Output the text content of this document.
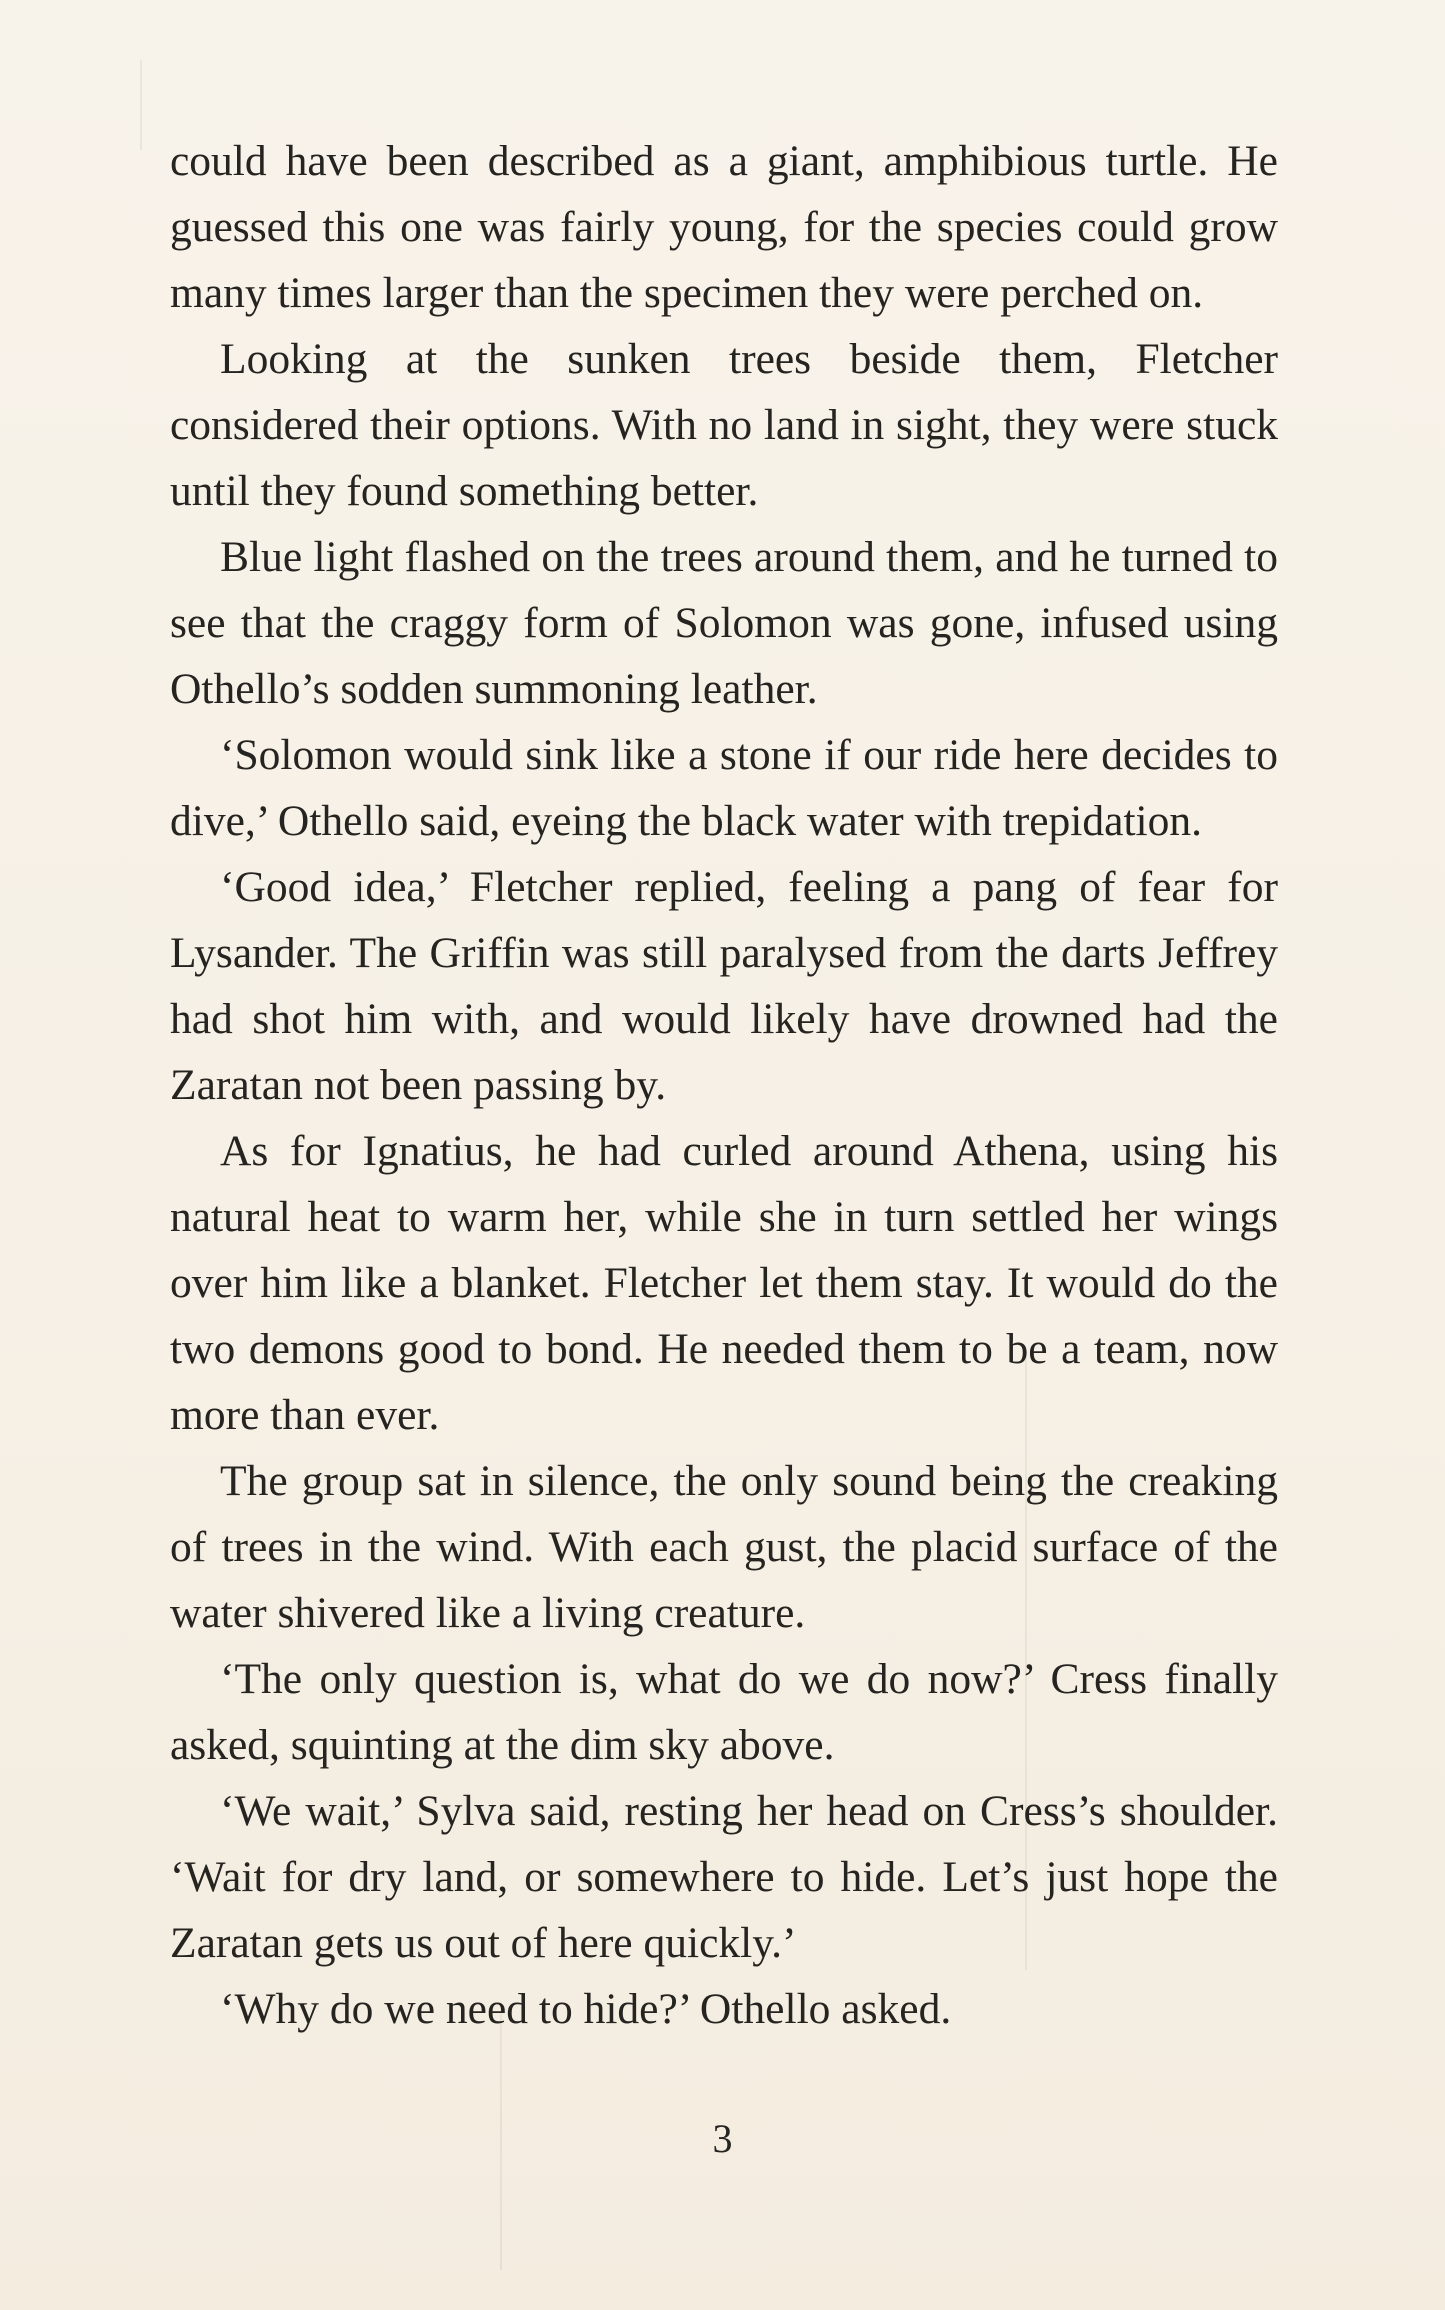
could have been described as a giant, amphibious turtle. He guessed this one was fairly young, for the species could grow many times larger than the specimen they were perched on.

Looking at the sunken trees beside them, Fletcher considered their options. With no land in sight, they were stuck until they found something better.

Blue light flashed on the trees around them, and he turned to see that the craggy form of Solomon was gone, infused using Othello’s sodden summoning leather.

‘Solomon would sink like a stone if our ride here decides to dive,’ Othello said, eyeing the black water with trepidation.

‘Good idea,’ Fletcher replied, feeling a pang of fear for Lysander. The Griffin was still paralysed from the darts Jeffrey had shot him with, and would likely have drowned had the Zaratan not been passing by.

As for Ignatius, he had curled around Athena, using his natural heat to warm her, while she in turn settled her wings over him like a blanket. Fletcher let them stay. It would do the two demons good to bond. He needed them to be a team, now more than ever.

The group sat in silence, the only sound being the creaking of trees in the wind. With each gust, the placid surface of the water shivered like a living creature.

‘The only question is, what do we do now?’ Cress finally asked, squinting at the dim sky above.

‘We wait,’ Sylva said, resting her head on Cress’s shoulder. ‘Wait for dry land, or somewhere to hide. Let’s just hope the Zaratan gets us out of here quickly.’

‘Why do we need to hide?’ Othello asked.

3
